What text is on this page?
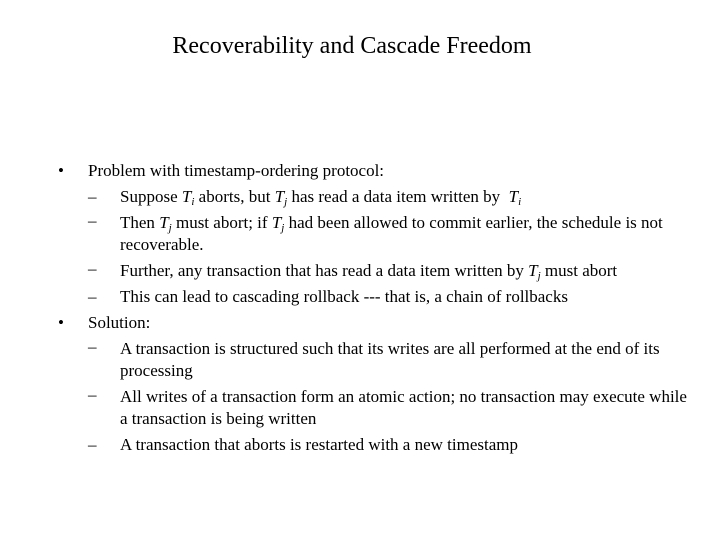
Recoverability and Cascade Freedom
•	Problem with timestamp-ordering protocol:
– Suppose $T_i$ aborts, but $T_j$ has read a data item written by  $T_i$
– Then $T_j$ must abort; if $T_j$ had been allowed to commit earlier, the schedule is not recoverable.
– Further, any transaction that has read a data item written by $T_j$ must abort
– This can lead to cascading rollback --- that is, a chain of rollbacks
•	Solution:
– A transaction is structured such that its writes are all performed at the end of its processing
– All writes of a transaction form an atomic action; no transaction may execute while a transaction is being written
– A transaction that aborts is restarted with a new timestamp
